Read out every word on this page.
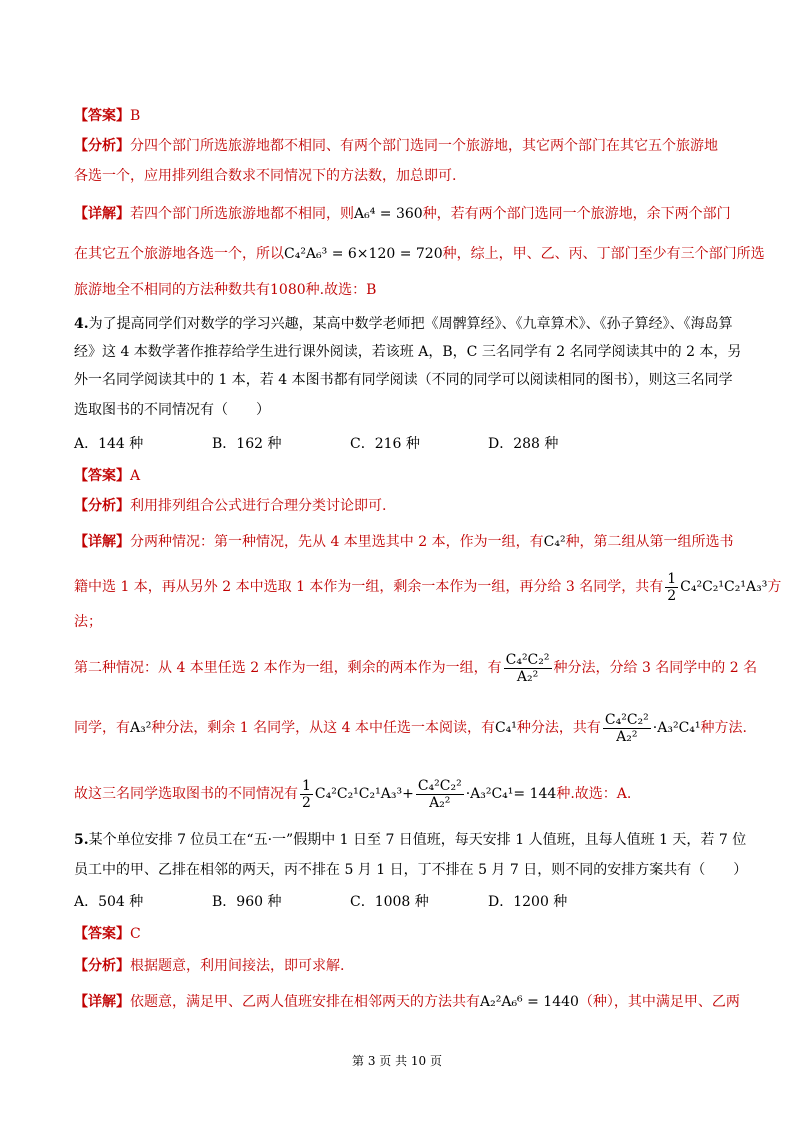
【答案】B
【分析】分四个部门所选旅游地都不相同、有两个部门选同一个旅游地，其它两个部门在其它五个旅游地
各选一个，应用排列组合数求不同情况下的方法数，加总即可.
【详解】若四个部门所选旅游地都不相同，则A₆⁴ = 360种，若有两个部门选同一个旅游地，余下两个部门
在其它五个旅游地各选一个，所以C₄²A₆³ = 6×120 = 720种，综上，甲、乙、丙、丁部门至少有三个部门所选
旅游地全不相同的方法种数共有1080种.故选：B
4.为了提高同学们对数学的学习兴趣，某高中数学老师把《周髀算经》、《九章算术》、《孙子算经》、《海岛算
经》这 4 本数学著作推荐给学生进行课外阅读，若该班 A，B，C 三名同学有 2 名同学阅读其中的 2 本，另
外一名同学阅读其中的 1 本，若 4 本图书都有同学阅读（不同的同学可以阅读相同的图书），则这三名同学
选取图书的不同情况有（　　）
A．144 种	B．162 种	C．216 种	D．288 种
【答案】A
【分析】利用排列组合公式进行合理分类讨论即可.
【详解】分两种情况：第一种情况，先从 4 本里选其中 2 本，作为一组，有C₄²种，第二组从第一组所选书
籍中选 1 本，再从另外 2 本中选取 1 本作为一组，剩余一本作为一组，再分给 3 名同学，共有 $\frac{1}{2} C_4^2C_2^1C_2^1A_3^3$方
法；
第二种情况：从 4 本里任选 2 本作为一组，剩余的两本作为一组，有 $\frac{\text{C₄²C₂²}}{\text{A₂²}}$ 种分法，分给 3 名同学中的 2 名
同学，有A₃²种分法，剩余 1 名同学，从这 4 本中任选一本阅读，有C₄¹种分法，共有 $\frac{\text{C₄²C₂²}}{\text{A₂²}} \cdot A_3^2C_4^1$种方法.
故这三名同学选取图书的不同情况有 $\frac{1}{2} C_4^2C_2^1C_2^1A_3^3+ \frac{\text{C₄²C₂²}}{\text{A₂²}} \cdot A_3^2C_4^1= 144$种.故选：A.
5.某个单位安排 7 位员工在“五·一”假期中 1 日至 7 日值班，每天安排 1 人值班，且每人值班 1 天，若 7 位
员工中的甲、乙排在相邻的两天，丙不排在 5 月 1 日，丁不排在 5 月 7 日，则不同的安排方案共有（　　）
A．504 种	B．960 种	C．1008 种	D．1200 种
【答案】C
【分析】根据题意，利用间接法，即可求解.
【详解】依题意，满足甲、乙两人值班安排在相邻两天的方法共有A₂²A₆⁶ = 1440（种），其中满足甲、乙两
第 3 页 共 10 页
